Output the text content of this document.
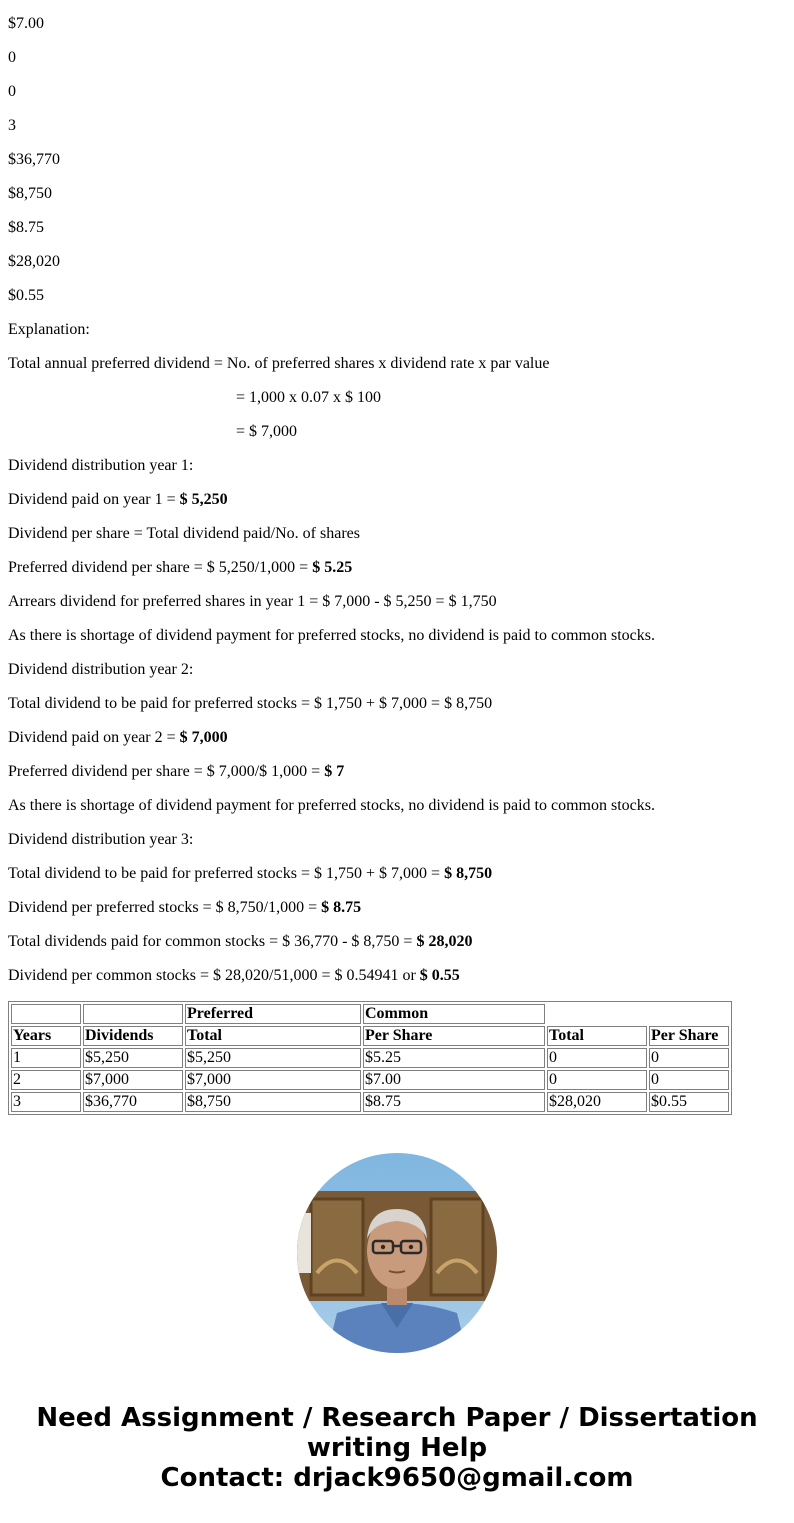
$7.00
0
0
3
$36,770
$8,750
$8.75
$28,020
$0.55
Explanation:
Total annual preferred dividend = No. of preferred shares x dividend rate x par value
= 1,000 x 0.07 x $ 100
= $ 7,000
Dividend distribution year 1:
Dividend paid on year 1 = $ 5,250
Dividend per share = Total dividend paid/No. of shares
Preferred dividend per share = $ 5,250/1,000 = $ 5.25
Arrears dividend for preferred shares in year 1 = $ 7,000 - $ 5,250 = $ 1,750
As there is shortage of dividend payment for preferred stocks, no dividend is paid to common stocks.
Dividend distribution year 2:
Total dividend to be paid for preferred stocks = $ 1,750 + $ 7,000 = $ 8,750
Dividend paid on year 2 = $ 7,000
Preferred dividend per share = $ 7,000/$ 1,000 = $ 7
As there is shortage of dividend payment for preferred stocks, no dividend is paid to common stocks.
Dividend distribution year 3:
Total dividend to be paid for preferred stocks = $ 1,750 + $ 7,000 = $ 8,750
Dividend per preferred stocks = $ 8,750/1,000 = $ 8.75
Total dividends paid for common stocks = $ 36,770 - $ 8,750 = $ 28,020
Dividend per common stocks = $ 28,020/51,000 = $ 0.54941 or $ 0.55
		Preferred	Common		
Years	Dividends	Total	Per Share	Total	Per Share
1	$5,250	$5,250	$5.25	0	0
2	$7,000	$7,000	$7.00	0	0
3	$36,770	$8,750	$8.75	$28,020	$0.55
Need Assignment / Research Paper / Dissertation
writing Help
Contact: drjack9650@gmail.com
